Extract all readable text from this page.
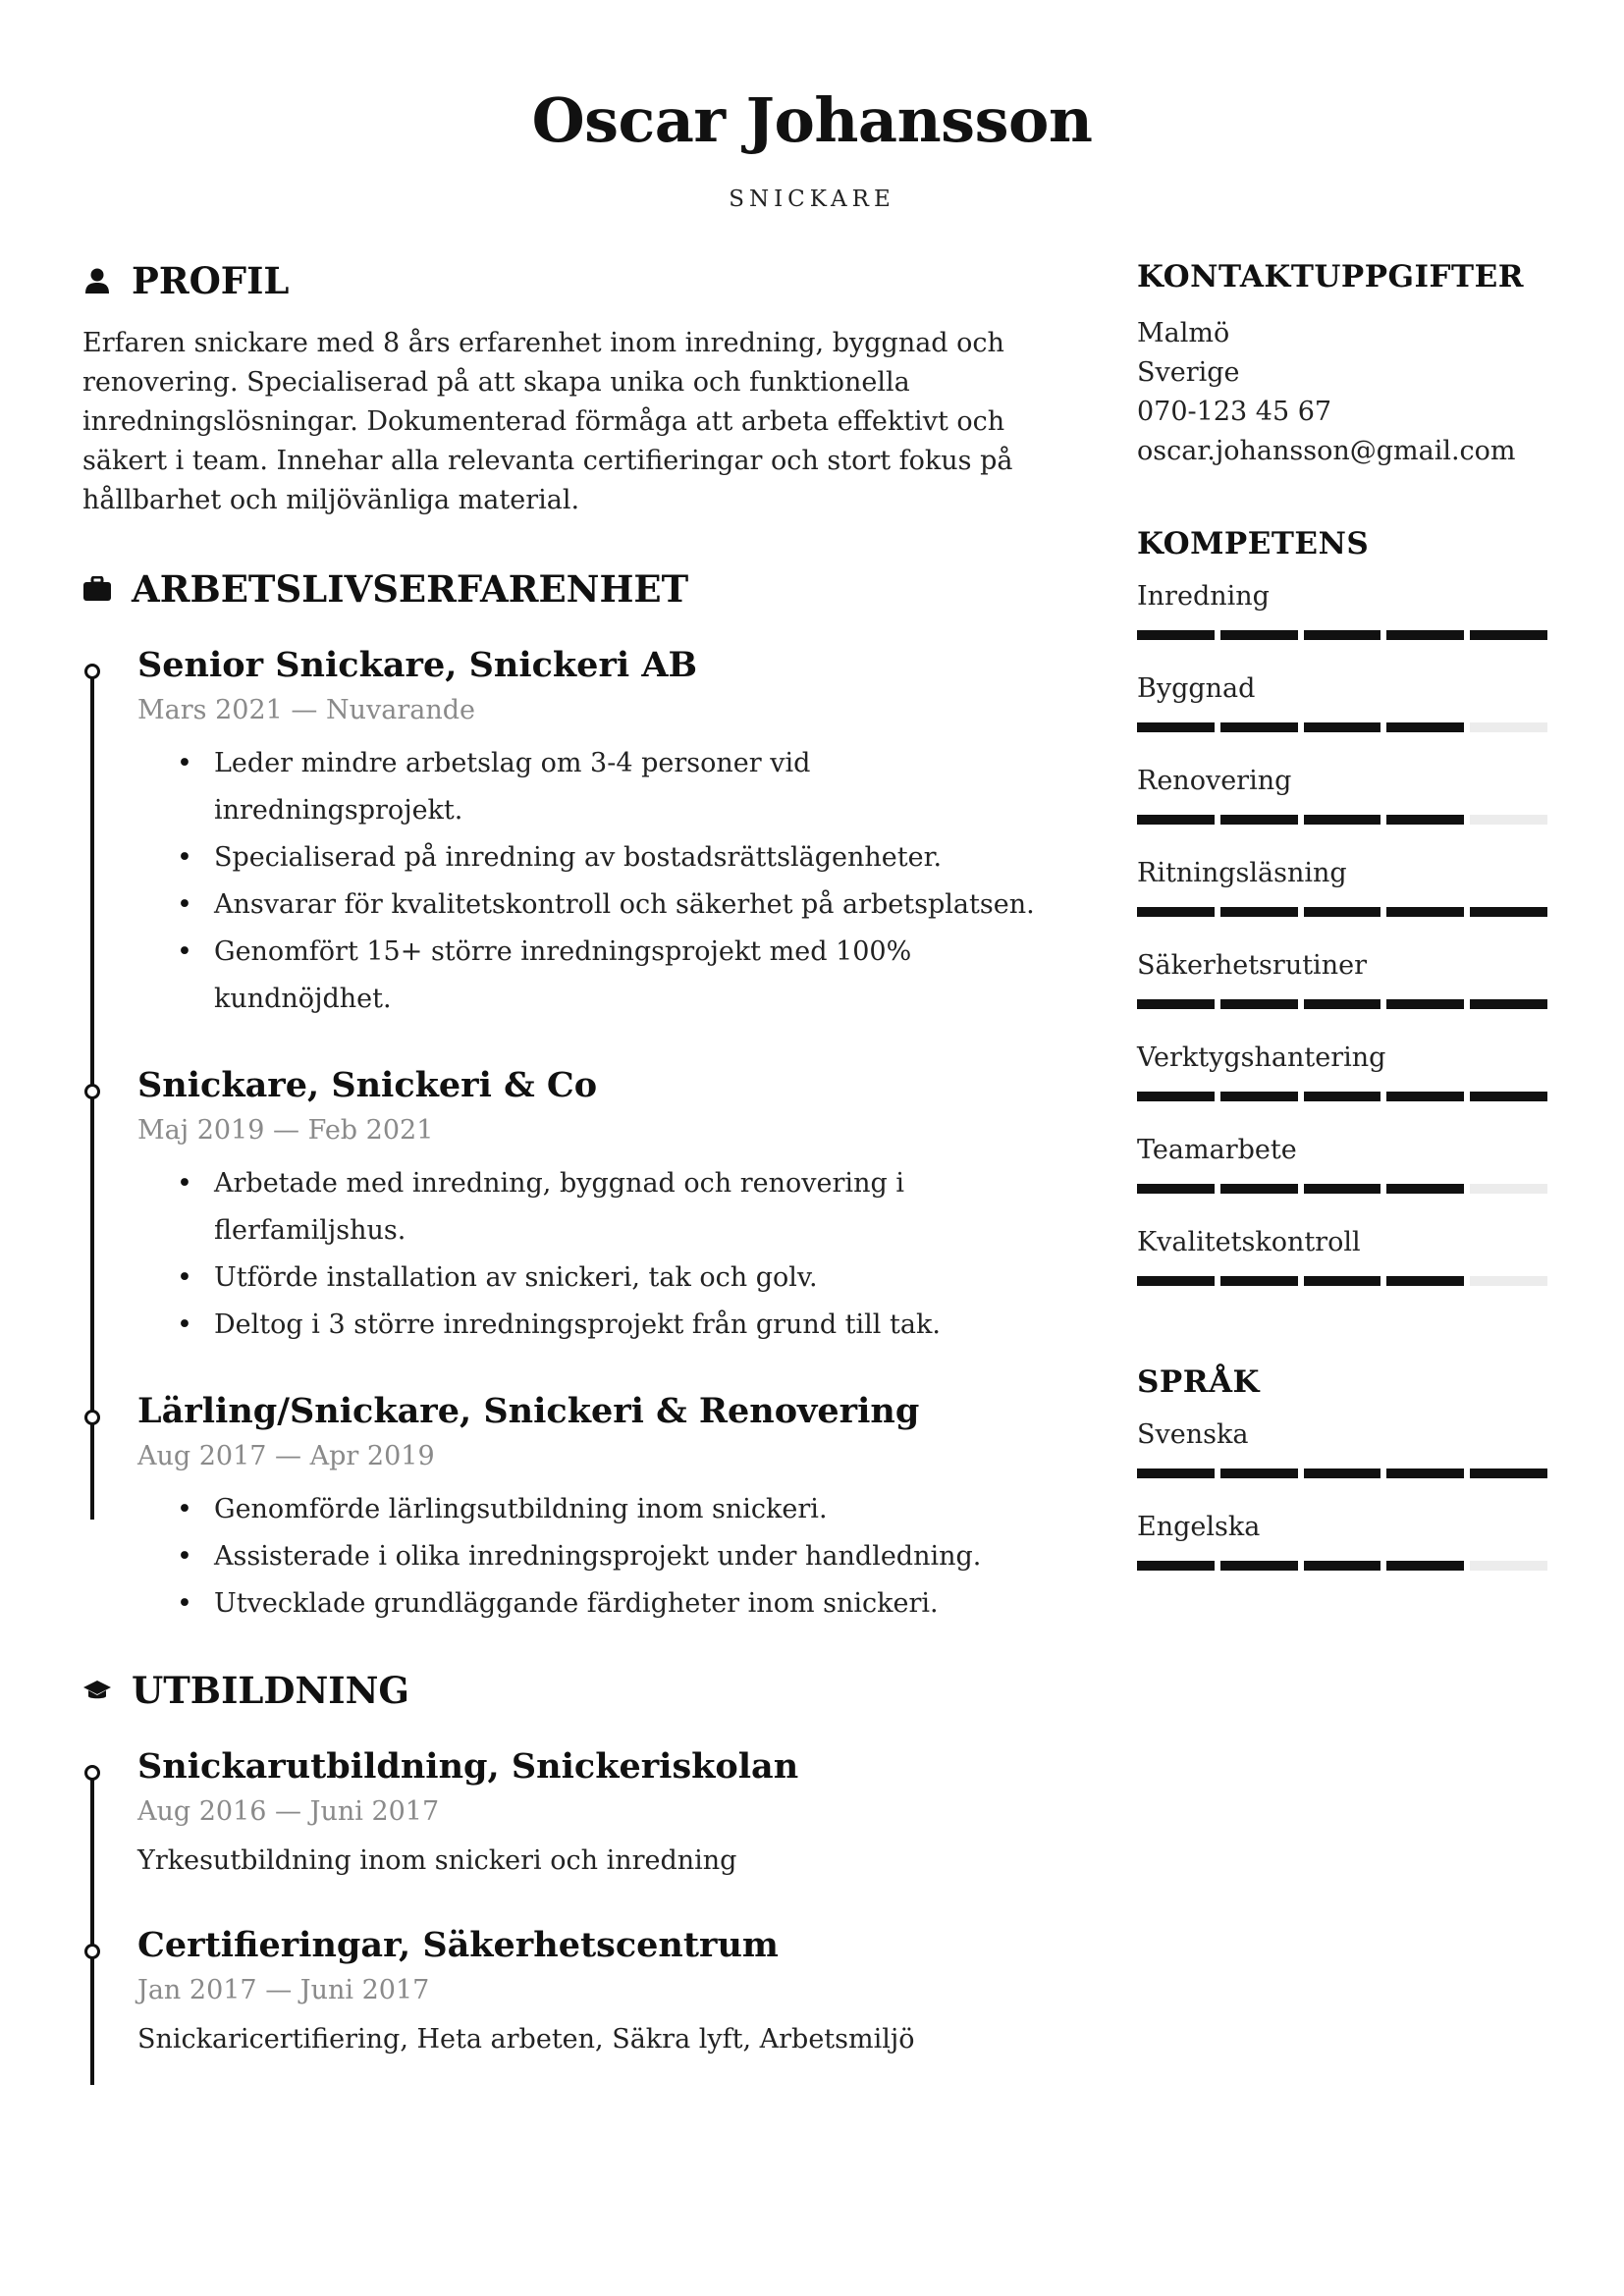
Oscar Johansson
SNICKARE
PROFIL
Erfaren snickare med 8 års erfarenhet inom inredning, byggnad och renovering. Specialiserad på att skapa unika och funktionella inredningslösningar. Dokumenterad förmåga att arbeta effektivt och säkert i team. Innehar alla relevanta certifieringar och stort fokus på hållbarhet och miljövänliga material.
ARBETSLIVSERFARENHET
Senior Snickare, Snickeri AB
Mars 2021 — Nuvarande
• Leder mindre arbetslag om 3-4 personer vid inredningsprojekt.
• Specialiserad på inredning av bostadsrättslägenheter.
• Ansvarar för kvalitetskontroll och säkerhet på arbetsplatsen.
• Genomfört 15+ större inredningsprojekt med 100% kundnöjdhet.
Snickare, Snickeri & Co
Maj 2019 — Feb 2021
• Arbetade med inredning, byggnad och renovering i flerfamiljshus.
• Utförde installation av snickeri, tak och golv.
• Deltog i 3 större inredningsprojekt från grund till tak.
Lärling/Snickare, Snickeri & Renovering
Aug 2017 — Apr 2019
• Genomförde lärlingsutbildning inom snickeri.
• Assisterade i olika inredningsprojekt under handledning.
• Utvecklade grundläggande färdigheter inom snickeri.
UTBILDNING
Snickarutbildning, Snickeriskolan
Aug 2016 — Juni 2017
Yrkesutbildning inom snickeri och inredning
Certifieringar, Säkerhetscentrum
Jan 2017 — Juni 2017
Snickaricertifiering, Heta arbeten, Säkra lyft, Arbetsmiljö
KONTAKTUPPGIFTER
Malmö
Sverige
070-123 45 67
oscar.johansson@gmail.com
KOMPETENS
Inredning
Byggnad
Renovering
Ritningsläsning
Säkerhetsrutiner
Verktygshantering
Teamarbete
Kvalitetskontroll
SPRÅK
Svenska
Engelska
